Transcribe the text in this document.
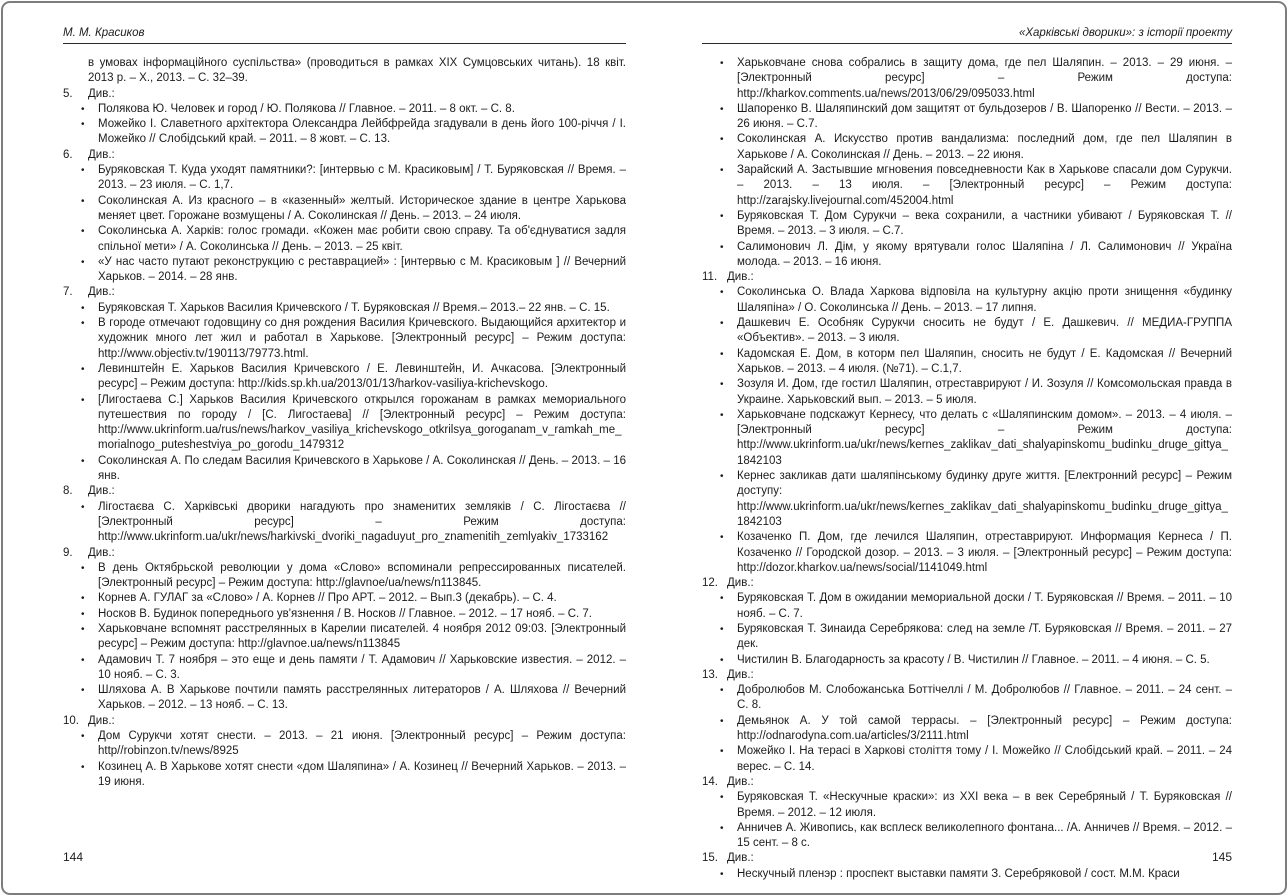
М. М. Красиков
в умовах інформаційного суспільства» (проводиться в рамках XIX Сумцовських читань). 18 квіт. 2013 р. – Х., 2013. – С. 32–39.
5. Див.:
• Полякова Ю. Человек и город / Ю. Полякова // Главное. – 2011. – 8 окт. – С. 8.
• Можейко І. Славетного архітектора Олександра Лейбфрейда згадували в день його 100-річчя / І. Можейко // Слобідський край. – 2011. – 8 жовт. – С. 13.
6. Див.:
• Буряковская Т. Куда уходят памятники?: [интервью с М. Красиковым] / Т. Буряковская // Время. – 2013. – 23 июля. – С. 1,7.
• Соколинская А. Из красного – в «казенный» желтый. Историческое здание в центре Харькова меняет цвет. Горожане возмущены / А. Соколинская // День. – 2013. – 24 июля.
• Соколинська А. Харків: голос громади. «Кожен має робити свою справу. Та об'єднуватися задля спільної мети» / А. Соколинська // День. – 2013. – 25 квіт.
• «У нас часто путают реконструкцию с реставрацией» : [интервью с М. Красиковым ] // Вечерний Харьков. – 2014. – 28 янв.
7. Див.:
• Буряковская Т. Харьков Василия Кричевского / Т. Буряковская // Время.– 2013.– 22 янв. – С. 15.
• В городе отмечают годовщину со дня рождения Василия Кричевского. Выдающийся архитектор и художник много лет жил и работал в Харькове. [Электронный ресурс] – Режим доступа: http://www.objectiv.tv/190113/79773.html.
• Левинштейн Е. Харьков Василия Кричевского / Е. Левинштейн, И. Ачкасова. [Электронный ресурс] – Режим доступа: http://kids.sp.kh.ua/2013/01/13/harkov-vasiliya-krichevskogo.
• [Лигостаева С.] Харьков Василия Кричевского открылся горожанам в рамках мемориального путешествия по городу / [С. Лигостаева] // [Электронный ресурс] – Режим доступа: http://www.ukrinform.ua/rus/news/harkov_vasiliya_krichevskogo_otkrilsya_goroganam_v_ramkah_me_morialnogo_puteshestviya_po_gorodu_1479312
• Соколинская А. По следам Василия Кричевского в Харькове / А. Соколинская // День. – 2013. – 16 янв.
8. Див.:
• Лігостаєва С. Харківські дворики нагадують про знаменитих земляків / С. Лігостаєва // [Электронный ресурс] – Режим доступа: http://www.ukrinform.ua/ukr/news/harkivski_dvoriki_nagaduyut_pro_znamenitih_zemlyakiv_1733162
9. Див.:
• В день Октябрьской революции у дома «Слово» вспоминали репрессированных писателей. [Электронный ресурс] – Режим доступа: http://glavnoe/ua/news/n113845.
• Корнев А. ГУЛАГ за «Слово» / А. Корнев // Про АРТ. – 2012. – Вып.3 (декабрь). – С. 4.
• Носков В. Будинок попереднього ув'язнення / В. Носков // Главное. – 2012. – 17 нояб. – С. 7.
• Харьковчане вспомнят расстрелянных в Карелии писателей. 4 ноября 2012 09:03. [Электронный ресурс] – Режим доступа: http://glavnoe.ua/news/n113845
• Адамович Т. 7 ноября – это еще и день памяти / Т. Адамович // Харьковские известия. – 2012. – 10 нояб. – С. 3.
• Шляхова А. В Харькове почтили память расстрелянных литераторов / А. Шляхова // Вечерний Харьков. – 2012. – 13 нояб. – С. 13.
10. Див.:
• Дом Сурукчи хотят снести. – 2013. – 21 июня. [Электронный ресурс] – Режим доступа: http//robinzon.tv/news/8925
• Козинец А. В Харькове хотят снести «дом Шаляпина» / А. Козинец // Вечерний Харьков. – 2013. – 19 июня.
144
«Харківські дворики»: з історії проекту
• Харьковчане снова собрались в защиту дома, где пел Шаляпин. – 2013. – 29 июня. – [Электронный ресурс] – Режим доступа: http://kharkov.comments.ua/news/2013/06/29/095033.html
• Шапоренко В. Шаляпинский дом защитят от бульдозеров / В. Шапоренко // Вести. – 2013. – 26 июня. – С.7.
• Соколинская А. Искусство против вандализма: последний дом, где пел Шаляпин в Харькове / А. Соколинская // День. – 2013. – 22 июня.
• Зарайский А. Застывшие мгновения повседневности Как в Харькове спасали дом Сурукчи. – 2013. – 13 июля. – [Электронный ресурс] – Режим доступа: http://zarajsky.livejournal.com/452004.html
• Буряковская Т. Дом Сурукчи – века сохранили, а частники убивают / Буряковская Т. // Время. – 2013. – 3 июля. – С.7.
• Салимонович Л. Дім, у якому врятували голос Шаляпіна / Л. Салимонович // Україна молода. – 2013. – 16 июня.
11. Див.:
• Соколинська О. Влада Харкова відповіла на культурну акцію проти знищення «будинку Шаляпіна» / О. Соколинська // День. – 2013. – 17 липня.
• Дашкевич Е. Особняк Сурукчи сносить не будут / Е. Дашкевич. // МЕДИА-ГРУППА «Объектив». – 2013. – 3 июля.
• Кадомская Е. Дом, в которм пел Шаляпин, сносить не будут / Е. Кадомская // Вечерний Харьков. – 2013. – 4 июля. (№71). – С.1,7.
• Зозуля И. Дом, где гостил Шаляпин, отреставрируют / И. Зозуля // Комсомольская правда в Украине. Харьковский вып. – 2013. – 5 июля.
• Харьковчане подскажут Кернесу, что делать с «Шаляпинским домом». – 2013. – 4 июля. – [Электронный ресурс] – Режим доступа: http://www.ukrinform.ua/ukr/news/kernes_zaklikav_dati_shalyapinskomu_budinku_druge_gittya_1842103
• Кернес закликав дати шаляпінському будинку друге життя. [Електронний ресурс] – Режим доступу: http://www.ukrinform.ua/ukr/news/kernes_zaklikav_dati_shalyapinskomu_budinku_druge_gittya_1842103
• Козаченко П. Дом, где лечился Шаляпин, отреставрируют. Информация Кернеса / П. Козаченко // Городской дозор. – 2013. – 3 июля. – [Электронный ресурс] – Режим доступа: http://dozor.kharkov.ua/news/social/1141049.html
12. Див.:
• Буряковская Т. Дом в ожидании мемориальной доски / Т. Буряковская // Время. – 2011. – 10 нояб. – С. 7.
• Буряковская Т. Зинаида Серебрякова: след на земле /Т. Буряковская // Время. – 2011. – 27 дек.
• Чистилин В. Благодарность за красоту / В. Чистилин // Главное. – 2011. – 4 июня. – С. 5.
13. Див.:
• Добролюбов М. Слобожанська Боттічеллі / М. Добролюбов // Главное. – 2011. – 24 сент. – С. 8.
• Демьянок А. У той самой террасы. – [Электронный ресурс] – Режим доступа: http://odnarodyna.com.ua/articles/3/2111.html
• Можейко І. На терасі в Харкові століття тому / І. Можейко // Слобідський край. – 2011. – 24 верес. – С. 14.
14. Див.:
• Буряковская Т. «Нескучные краски»: из XXI века – в век Серебряный / Т. Буряковская // Время. – 2012. – 12 июля.
• Анничев А. Живопись, как всплеск великолепного фонтана... /А. Анничев // Время. – 2012. – 15 сент. – 8 с.
15. Див.:
• Нескучный пленэр : проспект выставки памяти З. Серебряковой / сост. М.М. Краси
145
